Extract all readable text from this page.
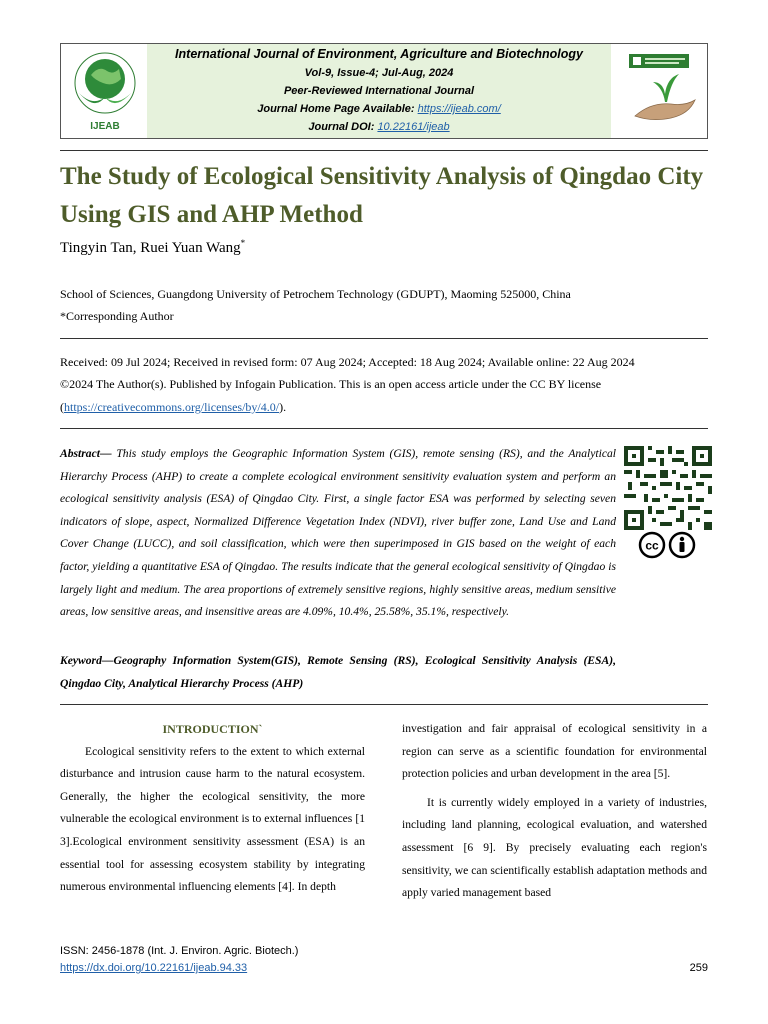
IJEAB
International Journal of Environment, Agriculture and Biotechnology
Vol-9, Issue-4; Jul-Aug, 2024
Peer-Reviewed International Journal
Journal Home Page Available: https://ijeab.com/
Journal DOI: 10.22161/ijeab
The Study of Ecological Sensitivity Analysis of Qingdao City Using GIS and AHP Method
Tingyin Tan, Ruei Yuan Wang*
School of Sciences, Guangdong University of Petrochem Technology (GDUPT), Maoming 525000, China
*Corresponding Author
Received: 09 Jul 2024; Received in revised form: 07 Aug 2024; Accepted: 18 Aug 2024; Available online: 22 Aug 2024
©2024 The Author(s). Published by Infogain Publication. This is an open access article under the CC BY license
(https://creativecommons.org/licenses/by/4.0/).
Abstract— This study employs the Geographic Information System (GIS), remote sensing (RS), and the Analytical Hierarchy Process (AHP) to create a complete ecological environment sensitivity evaluation system and perform an ecological sensitivity analysis (ESA) of Qingdao City. First, a single factor ESA was performed by selecting seven indicators of slope, aspect, Normalized Difference Vegetation Index (NDVI), river buffer zone, Land Use and Land Cover Change (LUCC), and soil classification, which were then superimposed in GIS based on the weight of each factor, yielding a quantitative ESA of Qingdao. The results indicate that the general ecological sensitivity of Qingdao is largely light and medium. The area proportions of extremely sensitive regions, highly sensitive areas, medium sensitive areas, low sensitive areas, and insensitive areas are 4.09%, 10.4%, 25.58%, 35.1%, respectively.
Keyword—Geography Information System(GIS), Remote Sensing (RS), Ecological Sensitivity Analysis (ESA), Qingdao City, Analytical Hierarchy Process (AHP)
cc
INTRODUCTION`
Ecological sensitivity refers to the extent to which external disturbance and intrusion cause harm to the natural ecosystem. Generally, the higher the ecological sensitivity, the more vulnerable the ecological environment is to external influences [1 3].Ecological environment sensitivity assessment (ESA) is an essential tool for assessing ecosystem stability by integrating numerous environmental influencing elements [4]. In depth
investigation and fair appraisal of ecological sensitivity in a region can serve as a scientific foundation for environmental protection policies and urban development in the area [5].
It is currently widely employed in a variety of industries, including land planning, ecological evaluation, and watershed assessment [6 9]. By precisely evaluating each region's sensitivity, we can scientifically establish adaptation methods and apply varied management based
ISSN: 2456-1878 (Int. J. Environ. Agric. Biotech.)
https://dx.doi.org/10.22161/ijeab.94.33	259
